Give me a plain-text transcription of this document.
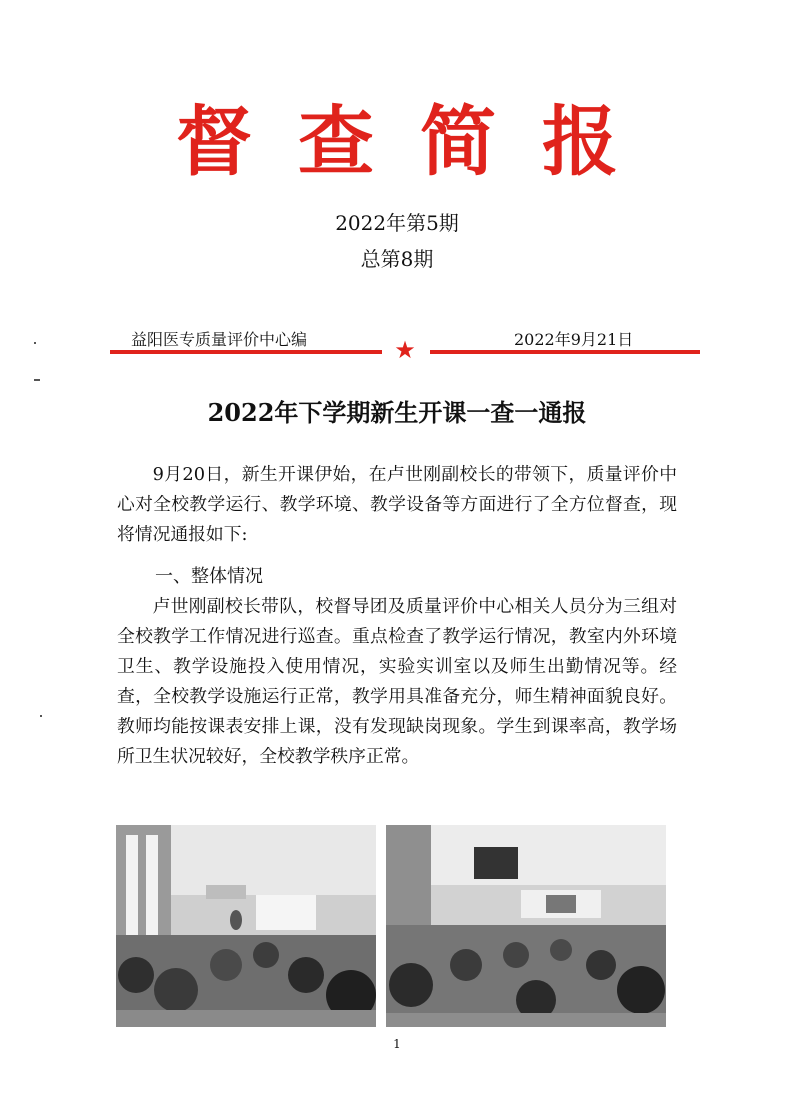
督查简报
2022年第5期
总第8期
益阳医专质量评价中心编	2022年9月21日
★
2022年下学期新生开课一查一通报

9月20日，新生开课伊始，在卢世刚副校长的带领下，质量评价中心对全校教学运行、教学环境、教学设备等方面进行了全方位督查，现将情况通报如下:

一、整体情况

卢世刚副校长带队，校督导团及质量评价中心相关人员分为三组对全校教学工作情况进行巡查。重点检查了教学运行情况，教室内外环境卫生、教学设施投入使用情况，实验实训室以及师生出勤情况等。经查，全校教学设施运行正常，教学用具准备充分，师生精神面貌良好。教师均能按课表安排上课，没有发现缺岗现象。学生到课率高，教学场所卫生状况较好，全校教学秩序正常。

1
